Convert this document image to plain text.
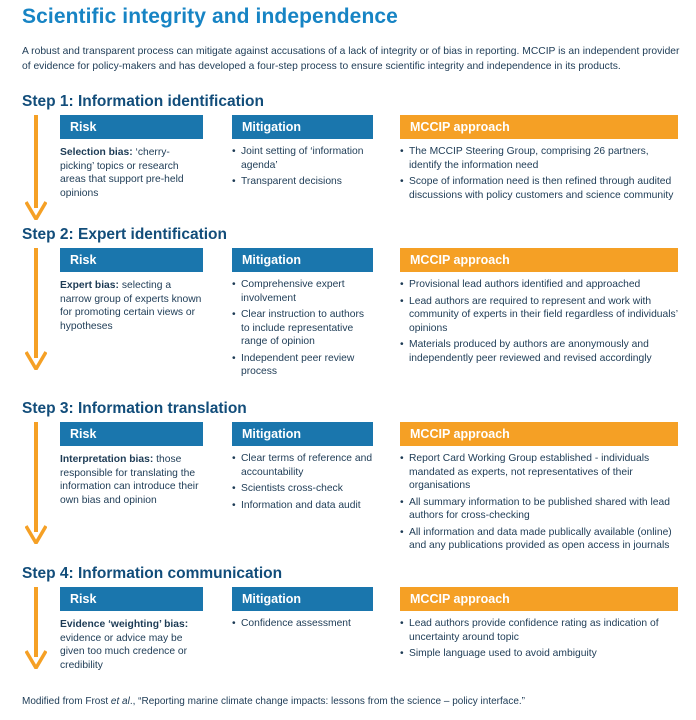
Scientific integrity and independence

A robust and transparent process can mitigate against accusations of a lack of integrity or of bias in reporting. MCCIP is an independent provider of evidence for policy-makers and has developed a four-step process to ensure scientific integrity and independence in its products.

Step 1: Information identification
Risk

Selection bias: ‘cherry-picking’ topics or research areas that support pre-held opinions

Mitigation
• Joint setting of ‘information agenda’
• Transparent decisions
MCCIP approach
• The MCCIP Steering Group, comprising 26 partners, identify the information need
• Scope of information need is then refined through audited discussions with policy customers and science community
Step 2: Expert identification
Risk

Expert bias: selecting a narrow group of experts known for promoting certain views or hypotheses

Mitigation
• Comprehensive expert involvement
• Clear instruction to authors to include representative range of opinion
• Independent peer review process
MCCIP approach
• Provisional lead authors identified and approached
• Lead authors are required to represent and work with community of experts in their field regardless of individuals’ opinions
• Materials produced by authors are anonymously and independently peer reviewed and revised accordingly
Step 3: Information translation
Risk

Interpretation bias: those responsible for translating the information can introduce their own bias and opinion

Mitigation
• Clear terms of reference and accountability
• Scientists cross-check
• Information and data audit
MCCIP approach
• Report Card Working Group established - individuals mandated as experts, not representatives of their organisations
• All summary information to be published shared with lead authors for cross-checking
• All information and data made publically available (online) and any publications provided as open access in journals
Step 4: Information communication
Risk

Evidence ‘weighting’ bias: evidence or advice may be given too much credence or credibility

Mitigation
• Confidence assessment
MCCIP approach
• Lead authors provide confidence rating as indication of uncertainty around topic
• Simple language used to avoid ambiguity

Modified from Frost et al., “Reporting marine climate change impacts: lessons from the science – policy interface.”
